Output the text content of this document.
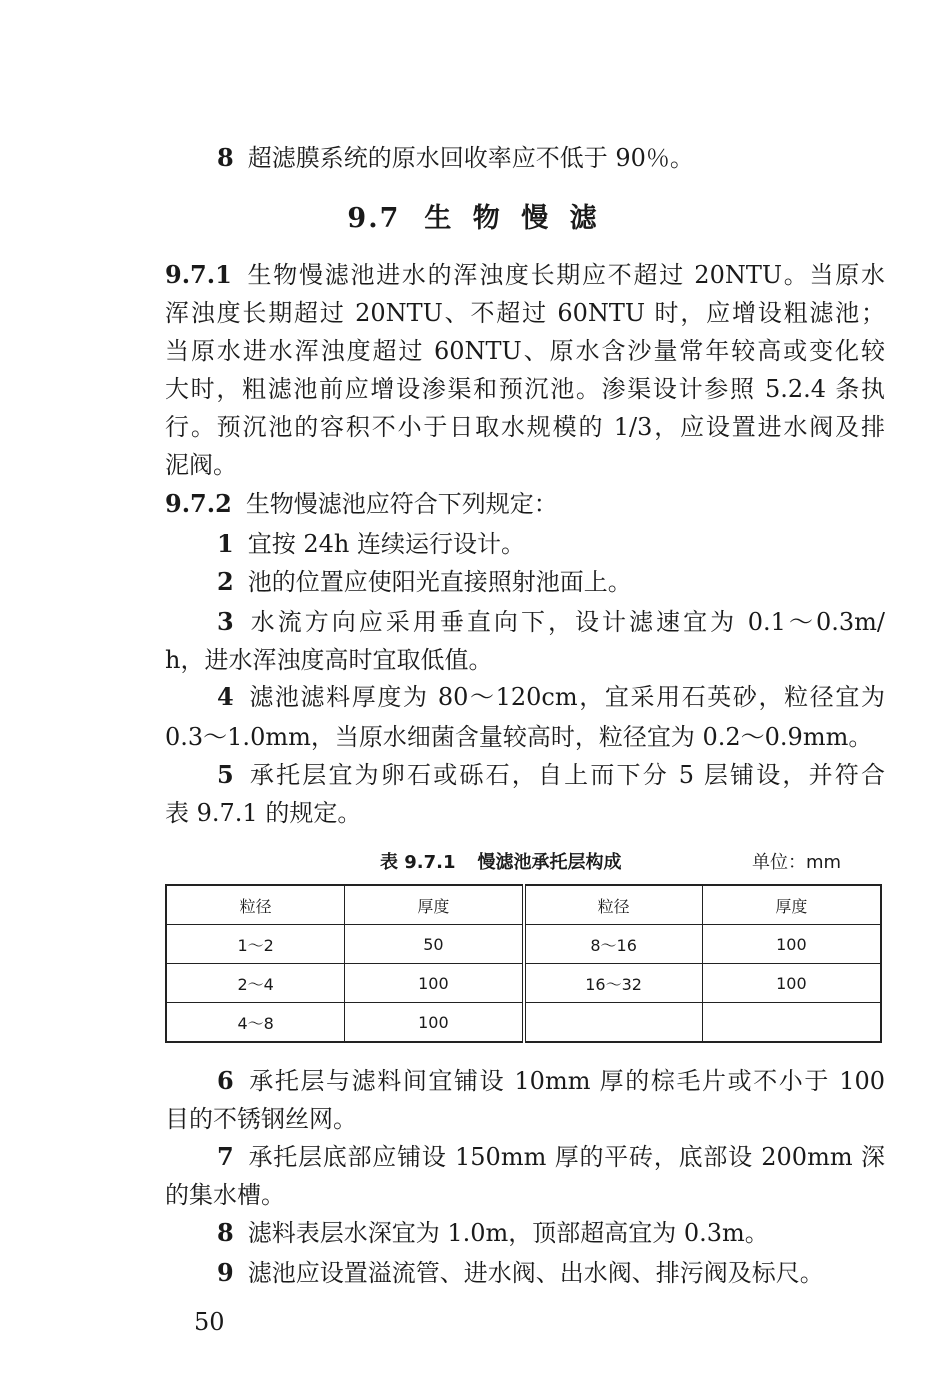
8 超滤膜系统的原水回收率应不低于 90％。
9.7 生 物 慢 滤
9.7.1 生物慢滤池进水的浑浊度长期应不超过 20NTU。当原水
浑浊度长期超过 20NTU、不超过 60NTU 时，应增设粗滤池；
当原水进水浑浊度超过 60NTU、原水含沙量常年较高或变化较
大时，粗滤池前应增设渗渠和预沉池。渗渠设计参照 5.2.4 条执
行。预沉池的容积不小于日取水规模的 1/3，应设置进水阀及排
泥阀。
9.7.2 生物慢滤池应符合下列规定：
1 宜按 24h 连续运行设计。
2 池的位置应使阳光直接照射池面上。
3 水流方向应采用垂直向下，设计滤速宜为 0.1～0.3m/
h，进水浑浊度高时宜取低值。
4 滤池滤料厚度为 80～120cm，宜采用石英砂，粒径宜为
0.3～1.0mm，当原水细菌含量较高时，粒径宜为 0.2～0.9mm。
5 承托层宜为卵石或砾石，自上而下分 5 层铺设，并符合
表 9.7.1 的规定。
表 9.7.1 慢滤池承托层构成	单位：mm
粒径	厚度	粒径	厚度
1～2	50	8～16	100
2～4	100	16～32	100
4～8	100		
6 承托层与滤料间宜铺设 10mm 厚的棕毛片或不小于 100
目的不锈钢丝网。
7 承托层底部应铺设 150mm 厚的平砖，底部设 200mm 深
的集水槽。
8 滤料表层水深宜为 1.0m，顶部超高宜为 0.3m。
9 滤池应设置溢流管、进水阀、出水阀、排污阀及标尺。
50
